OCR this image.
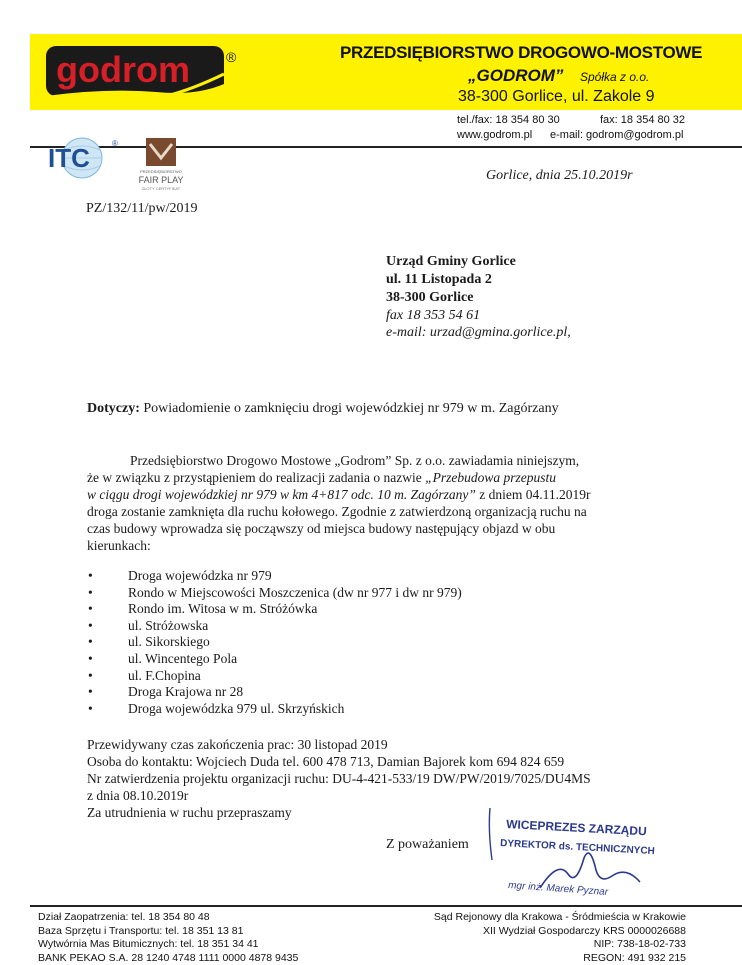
godrom	®	PRZEDSIĘBIORSTWO DROGOWO-MOSTOWE
„GODROM” Spółka z o.o.
38-300 Gorlice, ul. Zakole 9
tel./fax: 18 354 80 30	fax: 18 354 80 32
www.godrom.pl e-mail: godrom@godrom.pl
ITC	®
PRZEDSIĘBIORSTWO
FAIR PLAY
ZŁOTY CERTYFIKAT
Gorlice, dnia 25.10.2019r
PZ/132/11/pw/2019
Urząd Gminy Gorlice
ul. 11 Listopada 2
38-300 Gorlice
fax 18 353 54 61
e-mail: urzad@gmina.gorlice.pl,
Dotyczy: Powiadomienie o zamknięciu drogi wojewódzkiej nr 979 w m. Zagórzany
Przedsiębiorstwo Drogowo Mostowe „Godrom” Sp. z o.o. zawiadamia niniejszym,
że w związku z przystąpieniem do realizacji zadania o nazwie „Przebudowa przepustu
w ciągu drogi wojewódzkiej nr 979 w km 4+817 odc. 10 m. Zagórzany” z dniem 04.11.2019r
droga zostanie zamknięta dla ruchu kołowego. Zgodnie z zatwierdzoną organizacją ruchu na
czas budowy wprowadza się począwszy od miejsca budowy następujący objazd w obu
kierunkach:
•	Droga wojewódzka nr 979
•	Rondo w Miejscowości Moszczenica (dw nr 977 i dw nr 979)
•	Rondo im. Witosa w m. Stróżówka
•	ul. Stróżowska
•	ul. Sikorskiego
•	ul. Wincentego Pola
•	ul. F.Chopina
•	Droga Krajowa nr 28
•	Droga wojewódzka 979 ul. Skrzyńskich
Przewidywany czas zakończenia prac: 30 listopad 2019
Osoba do kontaktu: Wojciech Duda tel. 600 478 713, Damian Bajorek kom 694 824 659
Nr zatwierdzenia projektu organizacji ruchu: DU-4-421-533/19 DW/PW/2019/7025/DU4MS
z dnia 08.10.2019r
Za utrudnienia w ruchu przepraszamy
Z poważaniem
WICEPREZES ZARZĄDU
DYREKTOR ds. TECHNICZNYCH
mgr inż. Marek Pyznar
Dział Zaopatrzenia: tel. 18 354 80 48
Baza Sprzętu i Transportu: tel. 18 351 13 81
Wytwórnia Mas Bitumicznych: tel. 18 351 34 41
BANK PEKAO S.A. 28 1240 4748 1111 0000 4878 9435
Sąd Rejonowy dla Krakowa - Śródmieścia w Krakowie
XII Wydział Gospodarczy KRS 0000026688
NIP: 738-18-02-733
REGON: 491 932 215
